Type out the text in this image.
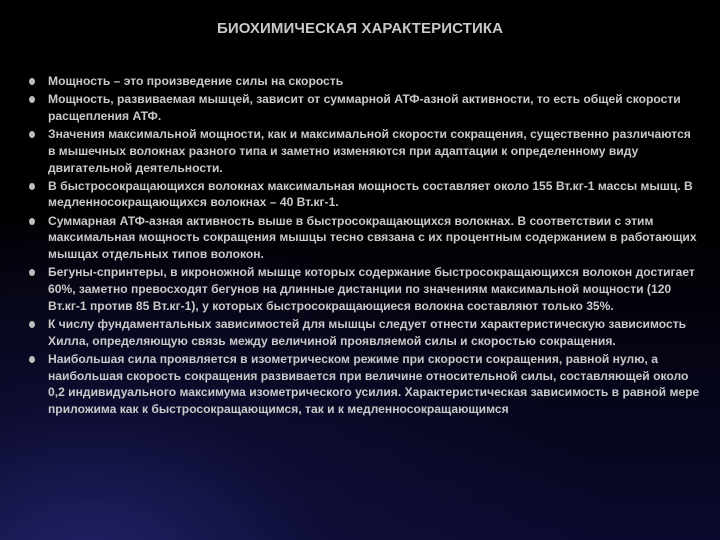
БИОХИМИЧЕСКАЯ ХАРАКТЕРИСТИКА
Мощность – это произведение силы на скорость
Мощность, развиваемая мышцей, зависит от суммарной АТФ-азной активности, то есть общей скорости расщепления АТФ.
Значения максимальной мощности, как и максимальной скорости сокращения, существенно различаются в мышечных волокнах разного типа и заметно изменяются при адаптации к определенному виду двигательной деятельности.
В быстросокращающихся волокнах максимальная мощность составляет около 155 Вт.кг-1 массы мышц. В медленносокращающихся волокнах – 40 Вт.кг-1.
Суммарная АТФ-азная активность выше в быстросокращающихся волокнах. В соответствии с этим максимальная мощность сокращения мышцы тесно связана с их процентным содержанием в работающих мышцах отдельных типов волокон.
Бегуны-спринтеры, в икроножной мышце которых содержание быстросокращающихся волокон достигает 60%, заметно превосходят бегунов на длинные дистанции по значениям максимальной мощности (120 Вт.кг-1 против 85 Вт.кг-1), у которых быстросокращающиеся волокна составляют только 35%.
К числу фундаментальных зависимостей для мышцы следует отнести характеристическую зависимость Хилла, определяющую связь между величиной проявляемой силы и скоростью сокращения.
Наибольшая сила проявляется в изометрическом режиме при скорости сокращения, равной нулю, а наибольшая скорость сокращения развивается при величине относительной силы, составляющей около 0,2 индивидуального максимума изометрического усилия. Характеристическая зависимость в равной мере приложима как к быстросокращающимся, так и к медленносокращающимся
